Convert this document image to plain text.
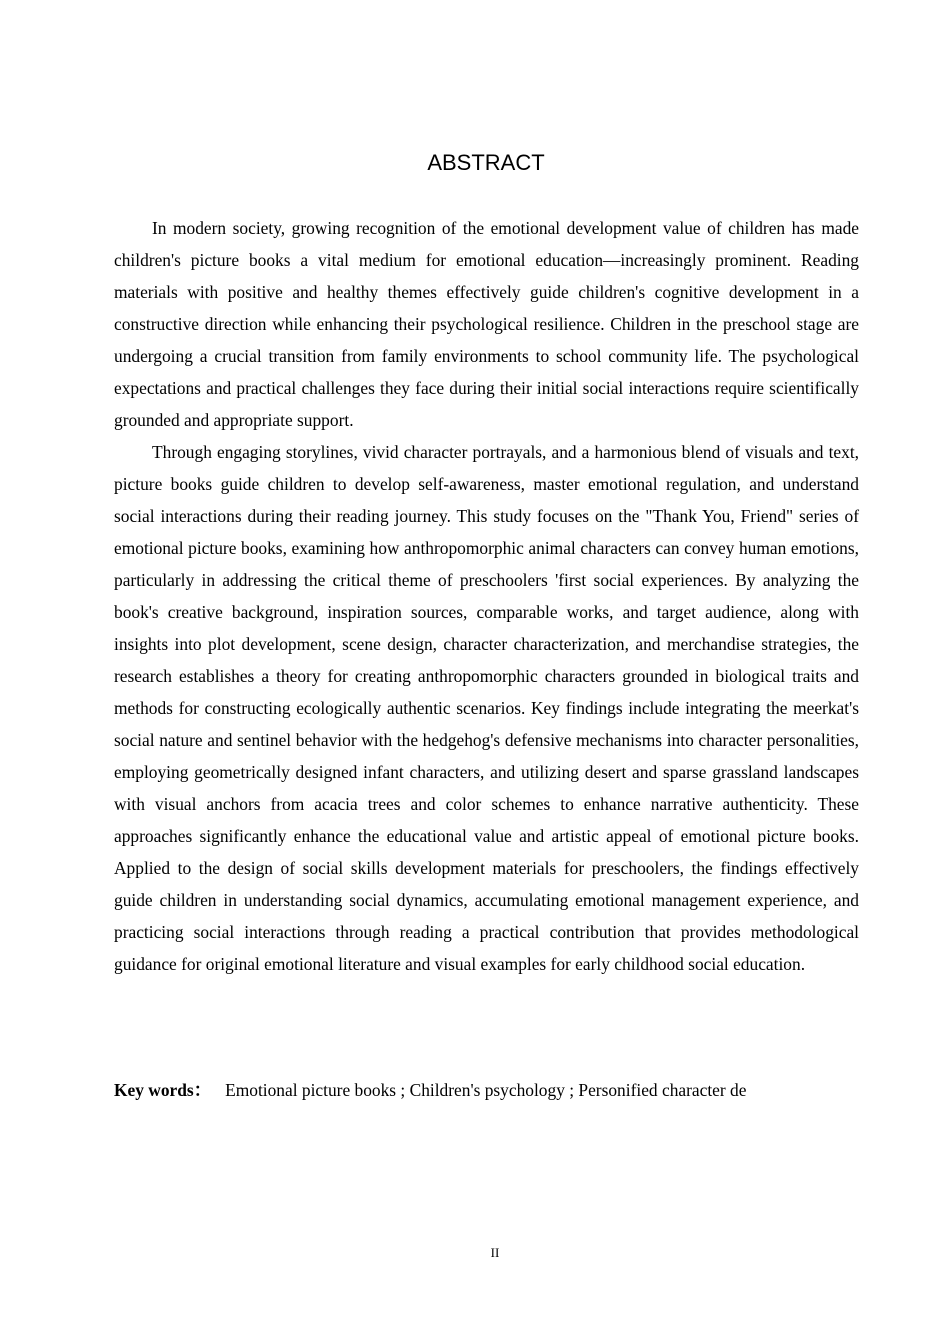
ABSTRACT

In modern society, growing recognition of the emotional development value of children has made children's picture books a vital medium for emotional education—increasingly prominent. Reading materials with positive and healthy themes effectively guide children's cognitive development in a constructive direction while enhancing their psychological resilience. Children in the preschool stage are undergoing a crucial transition from family environments to school community life. The psychological expectations and practical challenges they face during their initial social interactions require scientifically grounded and appropriate support.

Through engaging storylines, vivid character portrayals, and a harmonious blend of visuals and text, picture books guide children to develop self-awareness, master emotional regulation, and understand social interactions during their reading journey. This study focuses on the "Thank You, Friend" series of emotional picture books, examining how anthropomorphic animal characters can convey human emotions, particularly in addressing the critical theme of preschoolers 'first social experiences. By analyzing the book's creative background, inspiration sources, comparable works, and target audience, along with insights into plot development, scene design, character characterization, and merchandise strategies, the research establishes a theory for creating anthropomorphic characters grounded in biological traits and methods for constructing ecologically authentic scenarios. Key findings include integrating the meerkat's social nature and sentinel behavior with the hedgehog's defensive mechanisms into character personalities, employing geometrically designed infant characters, and utilizing desert and sparse grassland landscapes with visual anchors from acacia trees and color schemes to enhance narrative authenticity. These approaches significantly enhance the educational value and artistic appeal of emotional picture books. Applied to the design of social skills development materials for preschoolers, the findings effectively guide children in understanding social dynamics, accumulating emotional management experience, and practicing social interactions through reading a practical contribution that provides methodological guidance for original emotional literature and visual examples for early childhood social education.

Key words： Emotional picture books ; Children's psychology ; Personified character de
II
